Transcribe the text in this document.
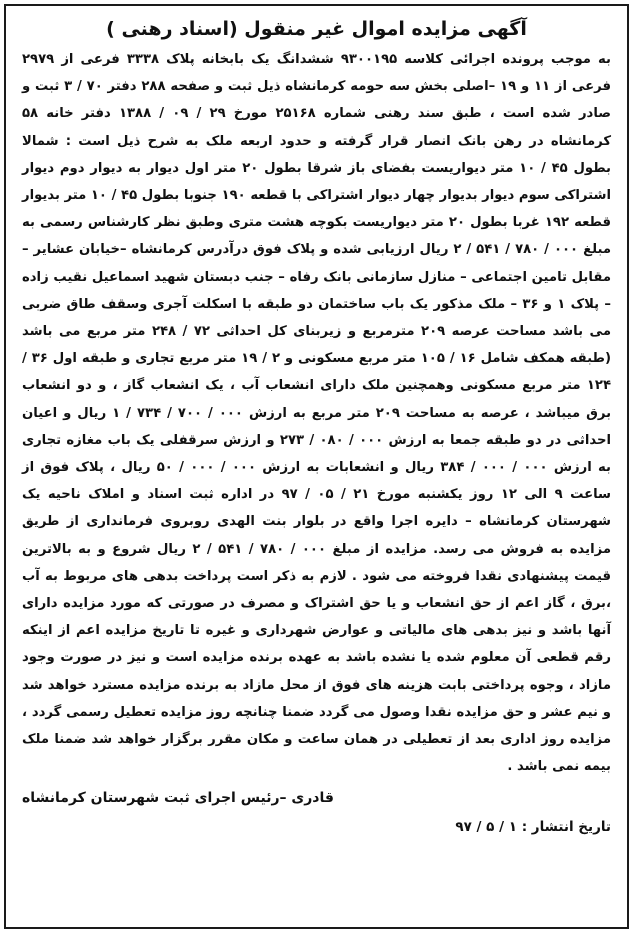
آگهی مزایده اموال غیر منقول (اسناد رهنی )

به موجب پرونده اجرائی کلاسه ۹۳۰۰۱۹۵ ششدانگ یک بابخانه پلاک ۳۳۳۸ فرعی از ۲۹۷۹ فرعی از ۱۱ و ۱۹ –اصلی بخش سه حومه کرمانشاه ذیل ثبت و صفحه ۲۸۸ دفتر ۷۰ / ۳ ثبت و صادر شده است ، طبق سند رهنی شماره ۲۵۱۶۸ مورخ ۲۹ / ۰۹ / ۱۳۸۸ دفتر خانه ۵۸ کرمانشاه در رهن بانک انصار قرار گرفته و حدود اربعه ملک به شرح ذیل است : شمالا بطول ۴۵ / ۱۰ متر دیواریست بفضای باز شرقا بطول ۲۰ متر اول دیوار به دیوار دوم دیوار اشتراکی سوم دیوار بدیوار چهار دیوار اشتراکی با قطعه ۱۹۰ جنوبا بطول ۴۵ / ۱۰ متر بدیوار قطعه ۱۹۲ غربا بطول ۲۰ متر دیواریست بکوچه هشت متری وطبق نظر کارشناس رسمی به مبلغ ۰۰۰ / ۷۸۰ / ۵۴۱ / ۲ ریال ارزیابی شده و پلاک فوق درآدرس کرمانشاه –خیابان عشایر –مقابل تامین اجتماعی – منازل سازمانی بانک رفاه – جنب دبستان شهید اسماعیل نقیب زاده – پلاک ۱ و ۳۶ – ملک مذکور یک باب ساختمان دو طبقه با اسکلت آجری وسقف طاق ضربی می باشد مساحت عرصه ۲۰۹ مترمربع و زیربنای کل احداثی ۷۲ / ۲۴۸ متر مربع می باشد (طبقه همکف شامل ۱۶ / ۱۰۵ متر مربع مسکونی و ۲ / ۱۹ متر مربع تجاری و طبقه اول ۳۶ / ۱۲۴ متر مربع مسکونی وهمچنین ملک دارای انشعاب آب ، یک انشعاب گاز ، و دو انشعاب برق میباشد ، عرصه به مساحت ۲۰۹ متر مربع به ارزش ۰۰۰ / ۷۰۰ / ۷۳۴ / ۱ ریال و اعیان احداثی در دو طبقه جمعا به ارزش ۰۰۰ / ۰۸۰ / ۲۷۳ و ارزش سرقفلی یک باب مغازه تجاری به ارزش ۰۰۰ / ۰۰۰ / ۳۸۴ ریال و انشعابات به ارزش ۰۰۰ / ۰۰۰ / ۵۰ ریال ، پلاک فوق از ساعت ۹ الی ۱۲ روز یکشنبه مورخ ۲۱ / ۰۵ / ۹۷ در اداره ثبت اسناد و املاک ناحیه یک شهرستان کرمانشاه – دایره اجرا واقع در بلوار بنت الهدی روبروی فرمانداری از طریق مزایده به فروش می رسد. مزایده از مبلغ ۰۰۰ / ۷۸۰ / ۵۴۱ / ۲ ریال شروع و به بالاترین قیمت پیشنهادی نقدا فروخته می شود . لازم به ذکر است پرداخت بدهی های مربوط به آب ،برق ، گاز اعم از حق انشعاب و یا حق اشتراک و مصرف در صورتی که مورد مزایده دارای آنها باشد و نیز بدهی های مالیاتی و عوارض شهرداری و غیره تا تاریخ مزایده اعم از اینکه رقم قطعی آن معلوم شده یا نشده باشد به عهده برنده مزایده است و نیز در صورت وجود مازاد ، وجوه پرداختی بابت هزینه های فوق از محل مازاد به برنده مزایده مسترد خواهد شد و نیم عشر و حق مزایده نقدا وصول می گردد ضمنا چنانچه روز مزایده تعطیل رسمی گردد ، مزایده روز اداری بعد از تعطیلی در همان ساعت و مکان مقرر برگزار خواهد شد ضمنا ملک بیمه نمی باشد .

قادری –رئیس اجرای ثبت شهرستان کرمانشاه
تاریخ انتشار : ۱ / ۵ / ۹۷
